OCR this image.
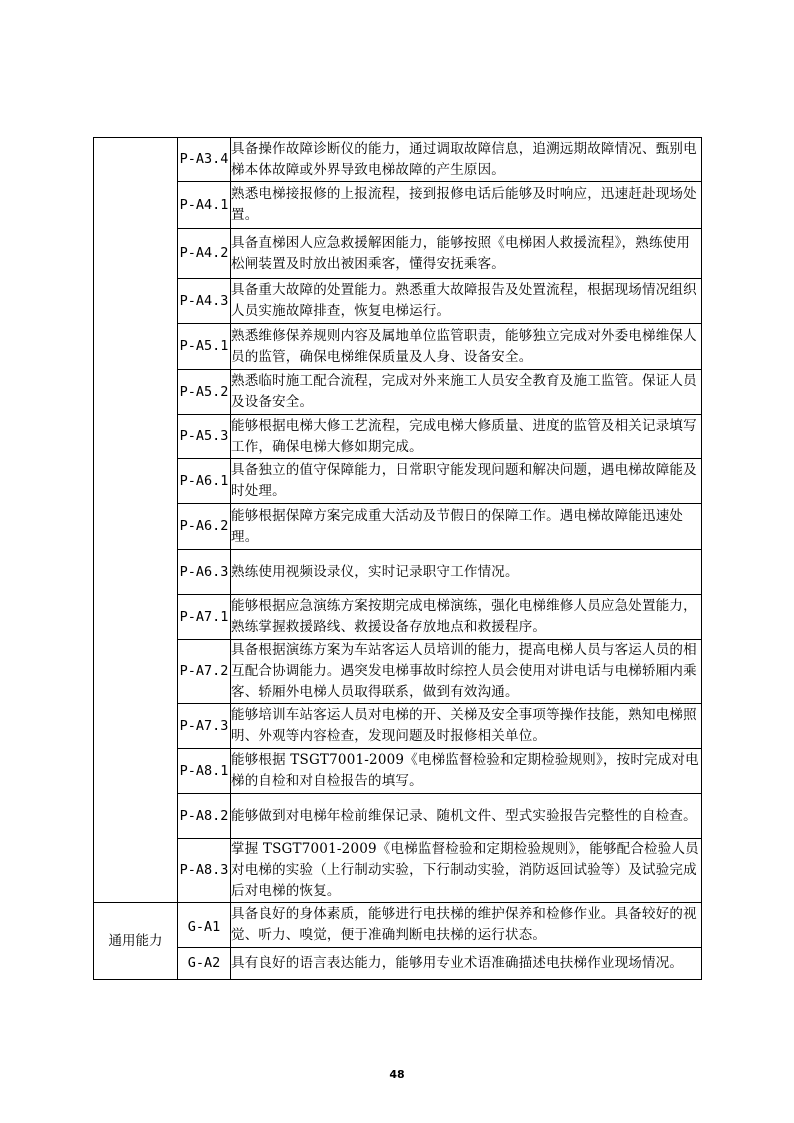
	P-A3.4	具备操作故障诊断仪的能力，通过调取故障信息，追溯远期故障情况、甄别电梯本体故障或外界导致电梯故障的产生原因。
	P-A4.1	熟悉电梯接报修的上报流程，接到报修电话后能够及时响应，迅速赶赴现场处置。
	P-A4.2	具备直梯困人应急救援解困能力，能够按照《电梯困人救援流程》，熟练使用松闸装置及时放出被困乘客，懂得安抚乘客。
	P-A4.3	具备重大故障的处置能力。熟悉重大故障报告及处置流程，根据现场情况组织人员实施故障排查，恢复电梯运行。
	P-A5.1	熟悉维修保养规则内容及属地单位监管职责，能够独立完成对外委电梯维保人员的监管，确保电梯维保质量及人身、设备安全。
	P-A5.2	熟悉临时施工配合流程，完成对外来施工人员安全教育及施工监管。保证人员及设备安全。
	P-A5.3	能够根据电梯大修工艺流程，完成电梯大修质量、进度的监管及相关记录填写工作，确保电梯大修如期完成。
	P-A6.1	具备独立的值守保障能力，日常职守能发现问题和解决问题，遇电梯故障能及时处理。
	P-A6.2	能够根据保障方案完成重大活动及节假日的保障工作。遇电梯故障能迅速处理。
	P-A6.3	熟练使用视频设录仪，实时记录职守工作情况。
	P-A7.1	能够根据应急演练方案按期完成电梯演练，强化电梯维修人员应急处置能力，熟练掌握救援路线、救援设备存放地点和救援程序。
	P-A7.2	具备根据演练方案为车站客运人员培训的能力，提高电梯人员与客运人员的相互配合协调能力。遇突发电梯事故时综控人员会使用对讲电话与电梯轿厢内乘客、轿厢外电梯人员取得联系，做到有效沟通。
	P-A7.3	能够培训车站客运人员对电梯的开、关梯及安全事项等操作技能，熟知电梯照明、外观等内容检查，发现问题及时报修相关单位。
	P-A8.1	能够根据 TSGT7001-2009《电梯监督检验和定期检验规则》，按时完成对电梯的自检和对自检报告的填写。
	P-A8.2	能够做到对电梯年检前维保记录、随机文件、型式实验报告完整性的自检查。
	P-A8.3	掌握 TSGT7001-2009《电梯监督检验和定期检验规则》，能够配合检验人员对电梯的实验（上行制动实验，下行制动实验，消防返回试验等）及试验完成后对电梯的恢复。
通用能力	G-A1	具备良好的身体素质，能够进行电扶梯的维护保养和检修作业。具备较好的视觉、听力、嗅觉，便于准确判断电扶梯的运行状态。
	G-A2	具有良好的语言表达能力，能够用专业术语准确描述电扶梯作业现场情况。
48
